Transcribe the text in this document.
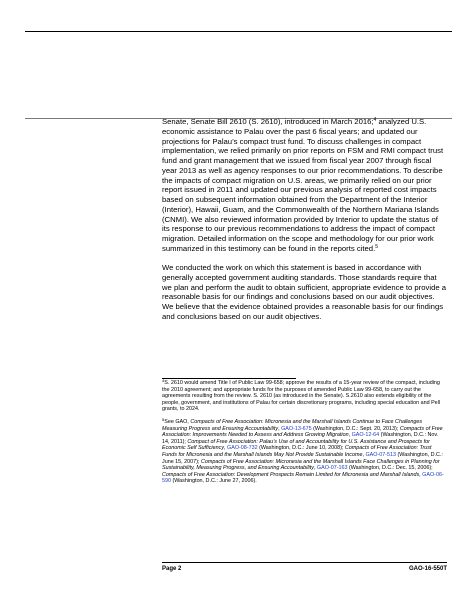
Senate, Senate Bill 2610 (S. 2610), introduced in March 2016;$^4$ analyzed U.S. economic assistance to Palau over the past 6 fiscal years; and updated our projections for Palau’s compact trust fund. To discuss challenges in compact implementation, we relied primarily on prior reports on FSM and RMI compact trust fund and grant management that we issued from fiscal year 2007 through fiscal year 2013 as well as agency responses to our prior recommendations. To describe the impacts of compact migration on U.S. areas, we primarily relied on our prior report issued in 2011 and updated our previous analysis of reported cost impacts based on subsequent information obtained from the Department of the Interior (Interior), Hawaii, Guam, and the Commonwealth of the Northern Mariana Islands (CNMI). We also reviewed information provided by Interior to update the status of its response to our previous recommendations to address the impact of compact migration. Detailed information on the scope and methodology for our prior work summarized in this testimony can be found in the reports cited.$^5$

We conducted the work on which this statement is based in accordance with generally accepted government auditing standards. Those standards require that we plan and perform the audit to obtain sufficient, appropriate evidence to provide a reasonable basis for our findings and conclusions based on our audit objectives. We believe that the evidence obtained provides a reasonable basis for our findings and conclusions based on our audit objectives.

$^4$S. 2610 would amend Title I of Public Law 99-658; approve the results of a 15-year review of the compact, including the 2010 agreement; and appropriate funds for the purposes of amended Public Law 99-658, to carry out the agreements resulting from the review. S. 2610 (as introduced in the Senate). S.2610 also extends eligibility of the people, government, and institutions of Palau for certain discretionary programs, including special education and Pell grants, to 2024.

$^5$See GAO, Compacts of Free Association: Micronesia and the Marshall Islands Continue to Face Challenges Measuring Progress and Ensuring Accountability, GAO-13-675 (Washington, D.C.: Sept. 20, 2013); Compacts of Free Association: Improvements Needed to Assess and Address Growing Migration, GAO-12-64 (Washington, D.C.: Nov. 14, 2011); Compact of Free Association: Palau’s Use of and Accountability for U.S. Assistance and Prospects for Economic Self Sufficiency, GAO-08-732 (Washington, D.C.: June 10, 2008); Compacts of Free Association: Trust Funds for Micronesia and the Marshall Islands May Not Provide Sustainable Income, GAO-07-513 (Washington, D.C.: June 15, 2007); Compacts of Free Association: Micronesia and the Marshall Islands Face Challenges in Planning for Sustainability, Measuring Progress, and Ensuring Accountability, GAO-07-163 (Washington, D.C.: Dec. 15, 2006); Compacts of Free Association: Development Prospects Remain Limited for Micronesia and Marshall Islands, GAO-06-590 (Washington, D.C.: June 27, 2006).

Page 2	GAO-16-550T
